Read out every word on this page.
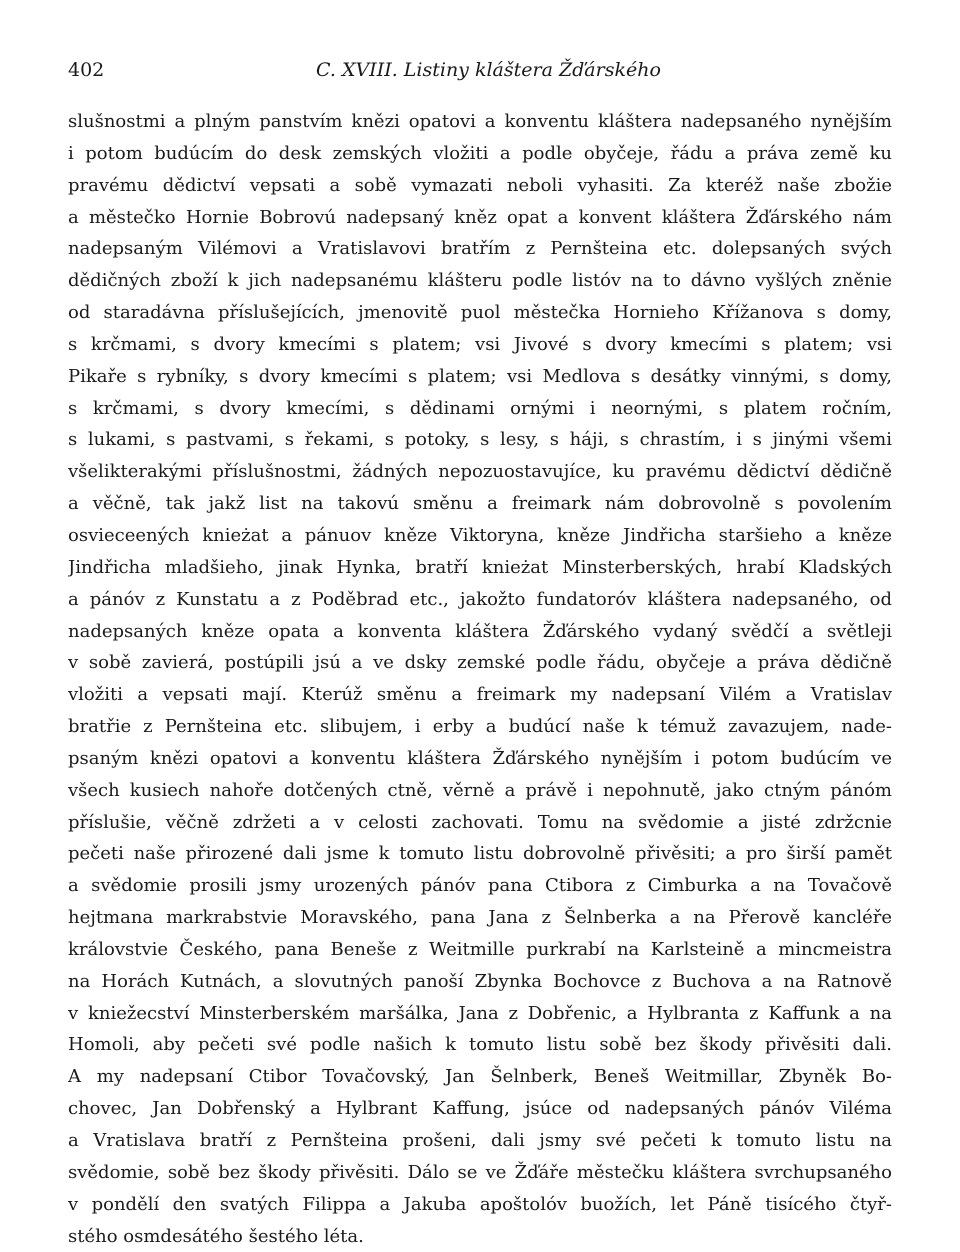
402	C. XVIII. Listiny kláštera Žďárského
slušnostmi a plným panstvím knězi opatovi a konventu kláštera nadepsaného nynějším
i potom budúcím do desk zemských vložiti a podle obyčeje, řádu a práva země ku
pravému dědictví vepsati a sobě vymazati neboli vyhasiti. Za kteréž naše zbožie
a městečko Hornie Bobrovú nadepsaný kněz opat a konvent kláštera Žďárského nám
nadepsaným Vilémovi a Vratislavovi bratřím z Pernšteina etc. dolepsaných svých
dědičných zboží k jich nadepsanému klášteru podle listóv na to dávno vyšlých zněnie
od staradávna příslušejících, jmenovitě puol městečka Hornieho Křížanova s domy,
s krčmami, s dvory kmecími s platem; vsi Jivové s dvory kmecími s platem; vsi
Pikaře s rybníky, s dvory kmecími s platem; vsi Medlova s desátky vinnými, s domy,
s krčmami, s dvory kmecími, s dědinami ornými i neornými, s platem ročním,
s lukami, s pastvami, s řekami, s potoky, s lesy, s háji, s chrastím, i s jinými všemi
všelikterakými příslušnostmi, žádných nepozuostavujíce, ku pravému dědictví dědičně
a věčně, tak jakž list na takovú směnu a freimark nám dobrovolně s povolením
osvieceených knieżat a pánuov kněze Viktoryna, kněze Jindřicha staršieho a kněze
Jindřicha mladšieho, jinak Hynka, bratří knieżat Minsterberských, hrabí Kladských
a pánóv z Kunstatu a z Poděbrad etc., jakožto fundatoróv kláštera nadepsaného, od
nadepsaných kněze opata a konventa kláštera Žďárského vydaný svědčí a světleji
v sobě zavierá, postúpili jsú a ve dsky zemské podle řádu, obyčeje a práva dědičně
vložiti a vepsati mají. Kterúž směnu a freimark my nadepsaní Vilém a Vratislav
bratřie z Pernšteina etc. slibujem, i erby a budúcí naše k témuž zavazujem, nade-
psaným knězi opatovi a konventu kláštera Žďárského nynějším i potom budúcím ve
všech kusiech nahoře dotčených ctně, věrně a právě i nepohnutě, jako ctným pánóm
příslušie, věčně zdržeti a v celosti zachovati. Tomu na svědomie a jisté zdržcnie
pečeti naše přirozené dali jsme k tomuto listu dobrovolně přivěsiti; a pro širší pamět
a svědomie prosili jsmy urozených pánóv pana Ctibora z Cimburka a na Tovačově
hejtmana markrabstvie Moravského, pana Jana z Šelnberka a na Přerově kancléře
královstvie Českého, pana Beneše z Weitmille purkrabí na Karlsteině a mincmeistra
na Horách Kutnách, a slovutných panoší Zbynka Bochovce z Buchova a na Ratnově
v kniežecství Minsterberském maršálka, Jana z Dobřenic, a Hylbranta z Kaffunk a na
Homoli, aby pečeti své podle našich k tomuto listu sobě bez škody přivěsiti dali.
A my nadepsaní Ctibor Tovačovský, Jan Šelnberk, Beneš Weitmillar, Zbyněk Bo-
chovec, Jan Dobřenský a Hylbrant Kaffung, jsúce od nadepsaných pánóv Viléma
a Vratislava bratří z Pernšteina prošeni, dali jsmy své pečeti k tomuto listu na
svědomie, sobě bez škody přivěsiti. Dálo se ve Žďáře městečku kláštera svrchupsaného
v pondělí den svatých Filippa a Jakuba apoštolóv buožích, let Páně tisícého čtyř-
stého osmdesátého šestého léta.
